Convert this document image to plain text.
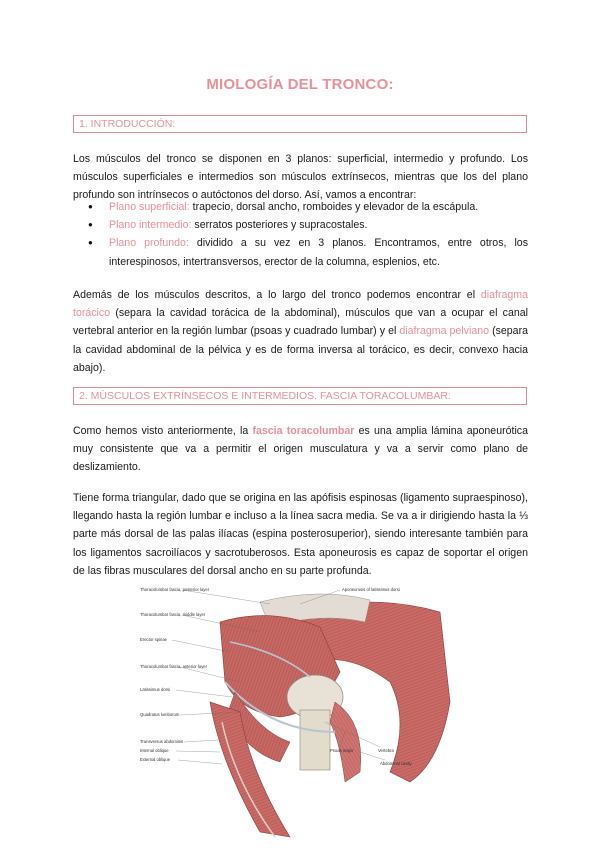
MIOLOGÍA DEL TRONCO:
1. INTRODUCCIÓN:
Los músculos del tronco se disponen en 3 planos: superficial, intermedio y profundo. Los músculos superficiales e intermedios son músculos extrínsecos, mientras que los del plano profundo son intrínsecos o autóctonos del dorso. Así, vamos a encontrar:
● Plano superficial: trapecio, dorsal ancho, romboides y elevador de la escápula.
● Plano intermedio: serratos posteriores y supracostales.
● Plano profundo: dividido a su vez en 3 planos. Encontramos, entre otros, los interespinosos, intertransversos, erector de la columna, esplenios, etc.
Además de los músculos descritos, a lo largo del tronco podemos encontrar el diafragma torácico (separa la cavidad torácica de la abdominal), músculos que van a ocupar el canal vertebral anterior en la región lumbar (psoas y cuadrado lumbar) y el diafragma pelviano (separa la cavidad abdominal de la pélvica y es de forma inversa al torácico, es decir, convexo hacia abajo).
2. MÚSCULOS EXTRÍNSECOS E INTERMEDIOS. FASCIA TORACOLUMBAR:
Como hemos visto anteriormente, la fascia toracolumbar es una amplia lámina aponeurótica muy consistente que va a permitir el origen musculatura y va a servir como plano de deslizamiento.
Tiene forma triangular, dado que se origina en las apófisis espinosas (ligamento supraespinoso), llegando hasta la región lumbar e incluso a la línea sacra media. Se va a ir dirigiendo hasta la ⅓ parte más dorsal de las palas ilíacas (espina posterosuperior), siendo interesante también para los ligamentos sacroilíacos y sacrotuberosos. Esta aponeurosis es capaz de soportar el origen de las fibras musculares del dorsal ancho en su parte profunda.
Thoracolumbar fascia, posterior layer
Thoracolumbar fascia, middle layer
Erector spinae
Thoracolumbar fascia, anterior layer
Latissimus dorsi
Quadratus lumborum
Transversus abdominis
Internal oblique
External oblique
Aponeurosis of latissimus dorsi
Psoas major	Vertebra
Abdominal cavity
